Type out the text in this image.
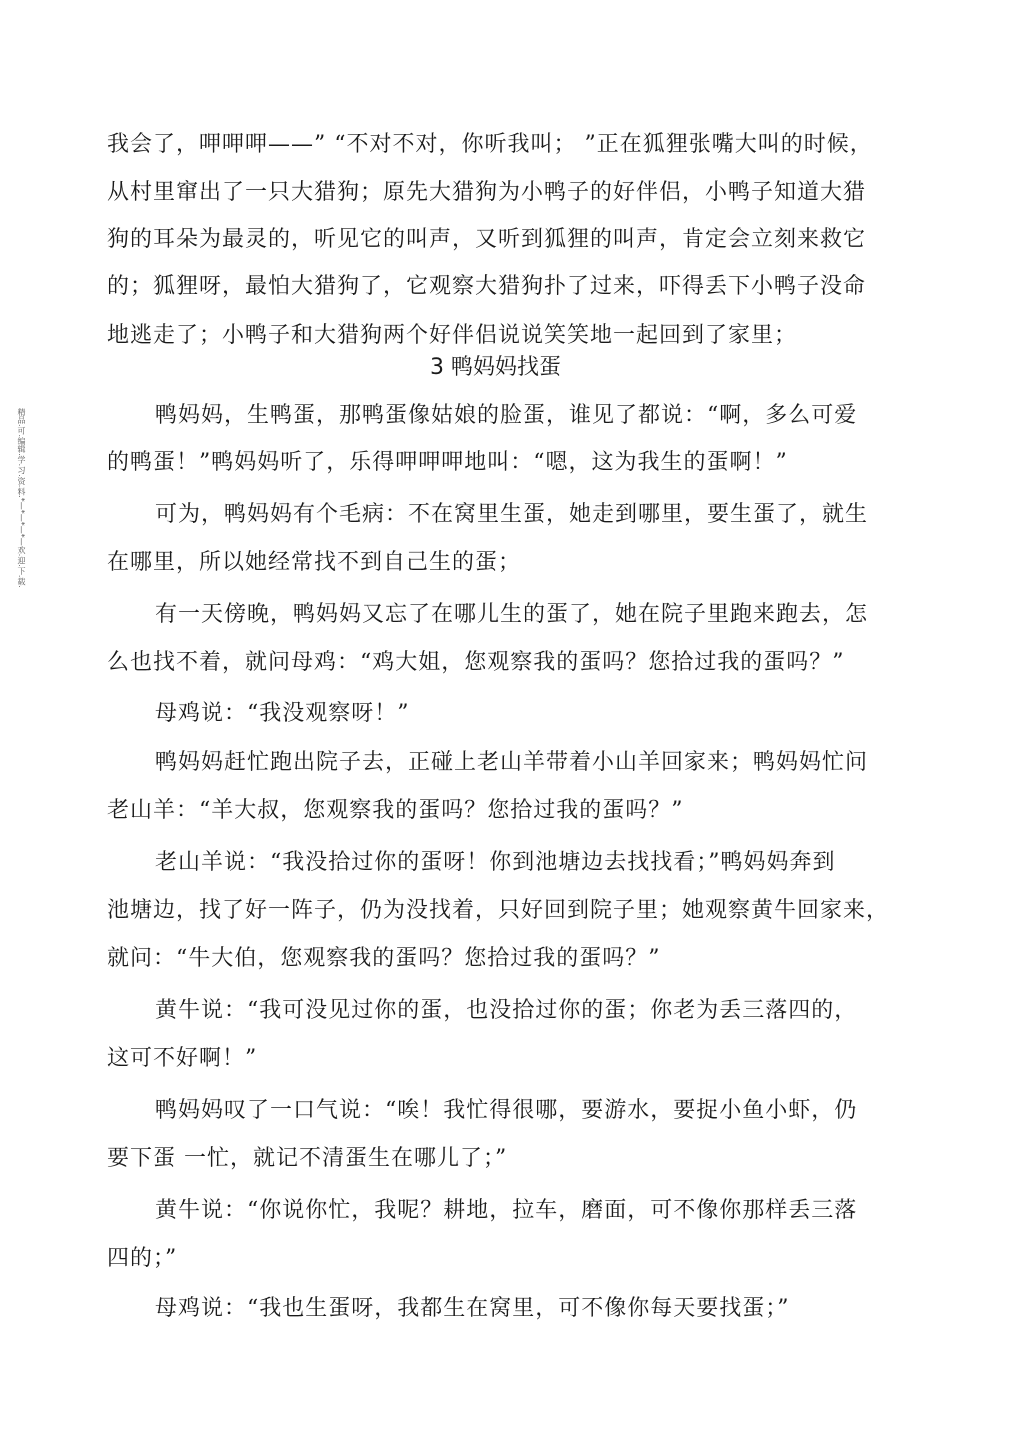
精品.可.编辑.学.习.资.料.*—*—*—*—欢.迎.下.载.
我会了，呷呷呷——” “不对不对，你听我叫； ”正在狐狸张嘴大叫的时候，
从村里窜出了一只大猎狗；原先大猎狗为小鸭子的好伴侣，小鸭子知道大猎
狗的耳朵为最灵的，听见它的叫声，又听到狐狸的叫声，肯定会立刻来救它
的；狐狸呀，最怕大猎狗了，它观察大猎狗扑了过来，吓得丢下小鸭子没命
地逃走了；小鸭子和大猎狗两个好伴侣说说笑笑地一起回到了家里；
3 鸭妈妈找蛋
鸭妈妈，生鸭蛋，那鸭蛋像姑娘的脸蛋，谁见了都说：“啊，多么可爱
的鸭蛋！”鸭妈妈听了，乐得呷呷呷地叫：“嗯，这为我生的蛋啊！”
可为，鸭妈妈有个毛病：不在窝里生蛋，她走到哪里，要生蛋了，就生
在哪里，所以她经常找不到自己生的蛋；
有一天傍晚，鸭妈妈又忘了在哪儿生的蛋了，她在院子里跑来跑去，怎
么也找不着，就问母鸡：“鸡大姐，您观察我的蛋吗？您拾过我的蛋吗？”
母鸡说：“我没观察呀！”
鸭妈妈赶忙跑出院子去，正碰上老山羊带着小山羊回家来；鸭妈妈忙问
老山羊：“羊大叔，您观察我的蛋吗？您拾过我的蛋吗？”
老山羊说：“我没拾过你的蛋呀！你到池塘边去找找看；”鸭妈妈奔到
池塘边，找了好一阵子，仍为没找着，只好回到院子里；她观察黄牛回家来，
就问：“牛大伯，您观察我的蛋吗？您拾过我的蛋吗？”
黄牛说：“我可没见过你的蛋，也没拾过你的蛋；你老为丢三落四的，
这可不好啊！”
鸭妈妈叹了一口气说：“唉！我忙得很哪，要游水，要捉小鱼小虾，仍
要下蛋 一忙，就记不清蛋生在哪儿了；”
黄牛说：“你说你忙，我呢？耕地，拉车，磨面，可不像你那样丢三落
四的；”
母鸡说：“我也生蛋呀，我都生在窝里，可不像你每天要找蛋；”
